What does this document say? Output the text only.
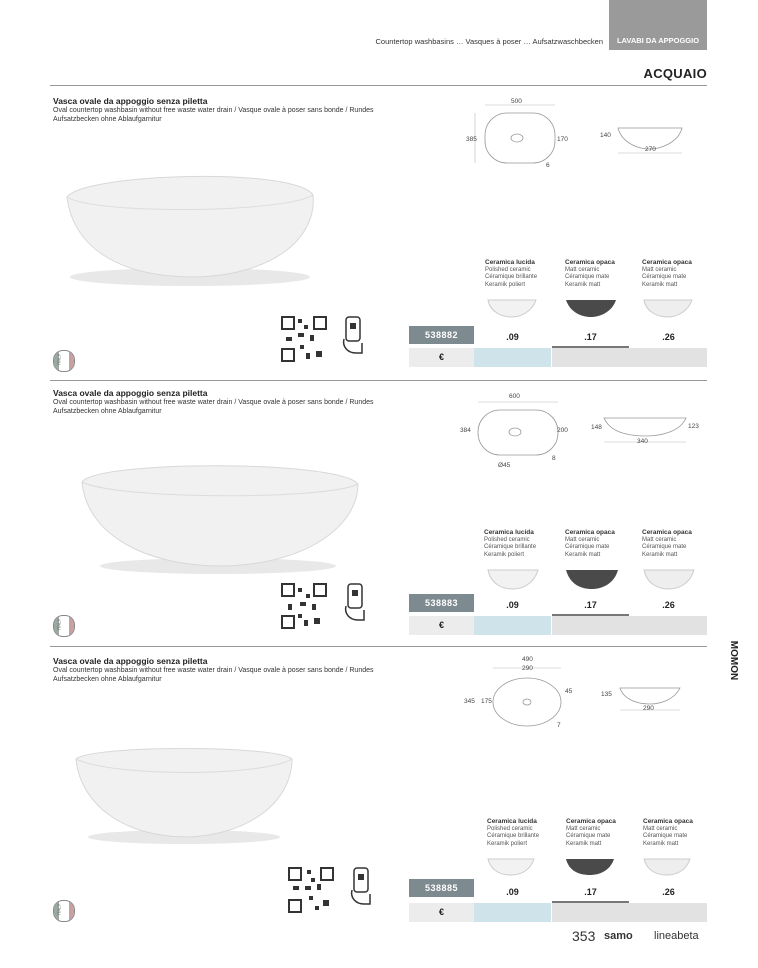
Countertop washbasins … Vasques à poser … Aufsatzwaschbecken	LAVABI DA APPOGGIO
ACQUAIO
MOMON
Vasca ovale da appoggio senza piletta
Oval countertop washbasin without free waste water drain / Vasque ovale à poser sans bonde / Rundes Aufsatzbecken ohne Ablaufgarnitur
500
385	170
6
140
270
Ceramica lucida
Polished ceramic
Céramique brillante
Keramik poliert
Ceramica opaca
Matt ceramic
Céramique mate
Keramik matt
Ceramica opaca
Matt ceramic
Céramique mate
Keramik matt
538882
€
.09	.17	.26
ITALY
Vasca ovale da appoggio senza piletta
Oval countertop washbasin without free waste water drain / Vasque ovale à poser sans bonde / Rundes Aufsatzbecken ohne Ablaufgarnitur
600
384	200
8
Ø45
148
340
123
Ceramica lucida
Polished ceramic
Céramique brillante
Keramik poliert
Ceramica opaca
Matt ceramic
Céramique mate
Keramik matt
Ceramica opaca
Matt ceramic
Céramique mate
Keramik matt
538883
€
.09	.17	.26
ITALY
Vasca ovale da appoggio senza piletta
Oval countertop washbasin without free waste water drain / Vasque ovale à poser sans bonde / Rundes Aufsatzbecken ohne Ablaufgarnitur
490
290
345 175
45
7
135
290
Ceramica lucida
Polished ceramic
Céramique brillante
Keramik poliert
Ceramica opaca
Matt ceramic
Céramique mate
Keramik matt
Ceramica opaca
Matt ceramic
Céramique mate
Keramik matt
538885
€
.09	.17	.26
ITALY
353 samo lineabeta
